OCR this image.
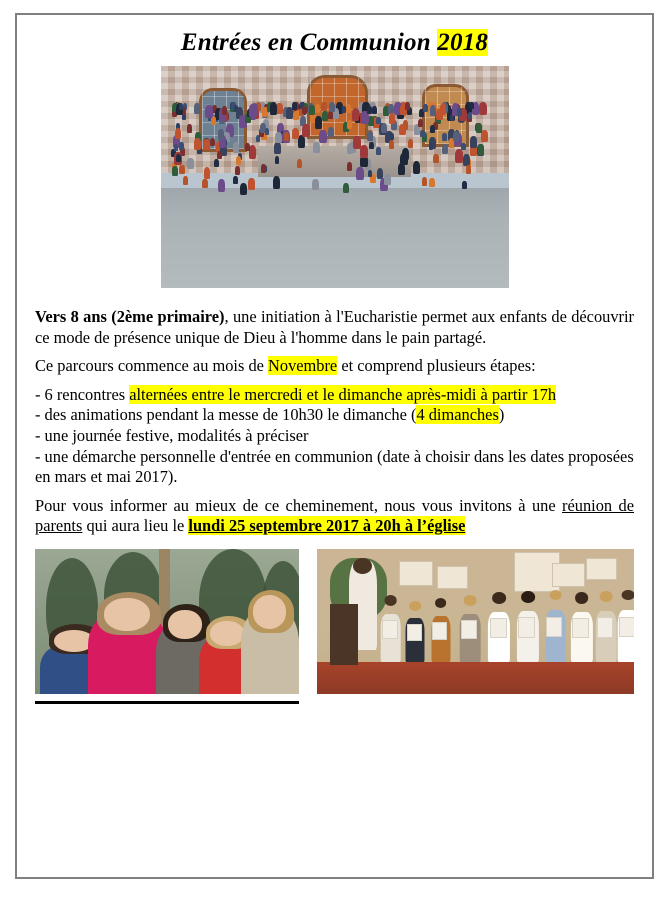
Entrées en Communion 2018

Vers 8 ans (2ème primaire), une initiation à l'Eucharistie permet aux enfants de découvrir ce mode de présence unique de Dieu à l'homme dans le pain partagé.

Ce parcours commence au mois de Novembre et comprend plusieurs étapes:

- 6 rencontres alternées entre le mercredi et le dimanche après-midi à partir 17h
- des animations pendant la messe de 10h30 le dimanche (4 dimanches)
- une journée festive, modalités à préciser
- une démarche personnelle d'entrée en communion (date à choisir dans les dates proposées en mars et mai 2017).

Pour vous informer au mieux de ce cheminement, nous vous invitons à une réunion de parents qui aura lieu le lundi 25 septembre 2017 à 20h à l’église
